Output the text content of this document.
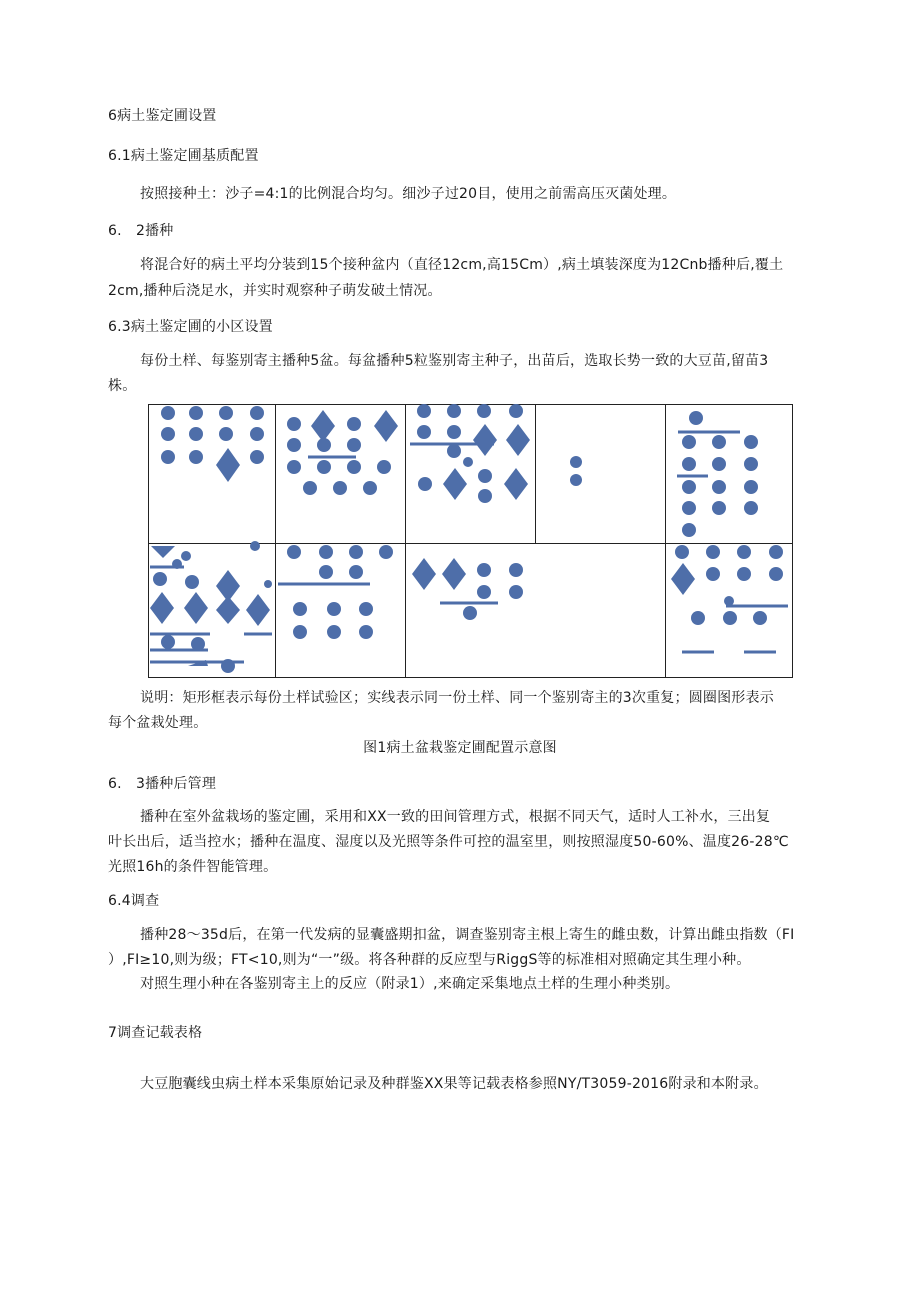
6病土鉴定圃设置
6.1病土鉴定圃基质配置
按照接种土：沙子=4:1的比例混合均匀。细沙子过20目，使用之前需高压灭菌处理。
6.　2播种
将混合好的病土平均分装到15个接种盆内（直径12cm,高15Cm）,病土填装深度为12Cnb播种后,覆土
2cm,播种后浇足水，并实时观察种子萌发破土情况。
6.3病土鉴定圃的小区设置
每份土样、每鉴别寄主播种5盆。每盆播种5粒鉴别寄主种子，出苗后，选取长势一致的大豆苗,留苗3
株。
说明：矩形框表示每份土样试验区；实线表示同一份土样、同一个鉴别寄主的3次重复；圆圈图形表示
每个盆栽处理。
图1病土盆栽鉴定圃配置示意图
6.　3播种后管理
播种在室外盆栽场的鉴定圃，采用和XX一致的田间管理方式，根据不同天气，适时人工补水，三出复
叶长出后，适当控水；播种在温度、湿度以及光照等条件可控的温室里，则按照湿度50-60%、温度26-28℃
光照16h的条件智能管理。
6.4调查
播种28～35d后，在第一代发病的显囊盛期扣盆，调查鉴别寄主根上寄生的雌虫数，计算出雌虫指数（FI
）,FI≥10,则为级；FT<10,则为“一”级。将各种群的反应型与RiggS等的标准相对照确定其生理小种。
对照生理小种在各鉴别寄主上的反应（附录1）,来确定采集地点土样的生理小种类别。
7调查记载表格
大豆胞囊线虫病土样本采集原始记录及种群鉴XX果等记载表格参照NY/T3059-2016附录和本附录。
